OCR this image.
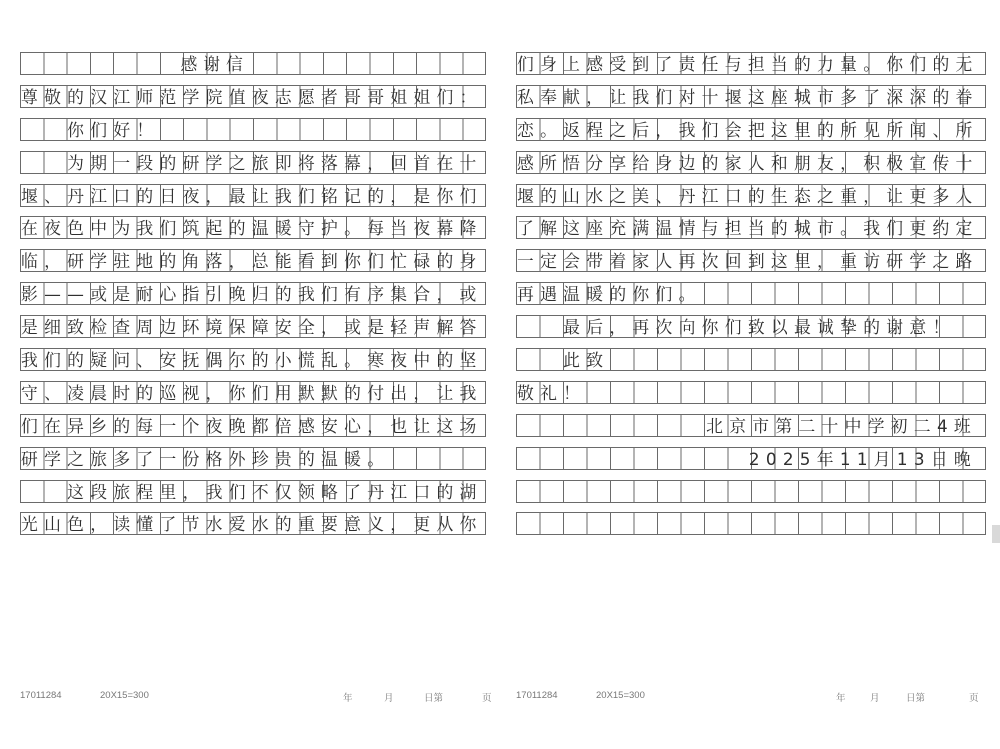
　　　　　　　感谢信
尊敬的汉江师范学院值夜志愿者哥哥姐姐们：
　　你们好！
　　为期一段的研学之旅即将落幕，回首在十
堰、丹江口的日夜，最让我们铭记的，是你们
在夜色中为我们筑起的温暖守护。每当夜幕降
临，研学驻地的角落，总能看到你们忙碌的身
影——或是耐心指引晚归的我们有序集合，或
是细致检查周边环境保障安全，或是轻声解答
我们的疑问、安抚偶尔的小慌乱。寒夜中的坚
守、凌晨时的巡视，你们用默默的付出，让我
们在异乡的每一个夜晚都倍感安心，也让这场
研学之旅多了一份格外珍贵的温暖。
　　这段旅程里，我们不仅领略了丹江口的湖
光山色，读懂了节水爱水的重要意义，更从你
们身上感受到了责任与担当的力量。你们的无
私奉献，让我们对十堰这座城市多了深深的眷
恋。返程之后，我们会把这里的所见所闻、所
感所悟分享给身边的家人和朋友，积极宣传十
堰的山水之美、丹江口的生态之重，让更多人
了解这座充满温情与担当的城市。我们更约定
一定会带着家人再次回到这里，重访研学之路
再遇温暖的你们。
　　最后，再次向你们致以最诚挚的谢意！
　　此致
敬礼！
北京市第二十中学初二4班
2025年11月13日晚
17011284	20X15=300	年	月	日第	页	17011284	20X15=300	年	月	日第	页
